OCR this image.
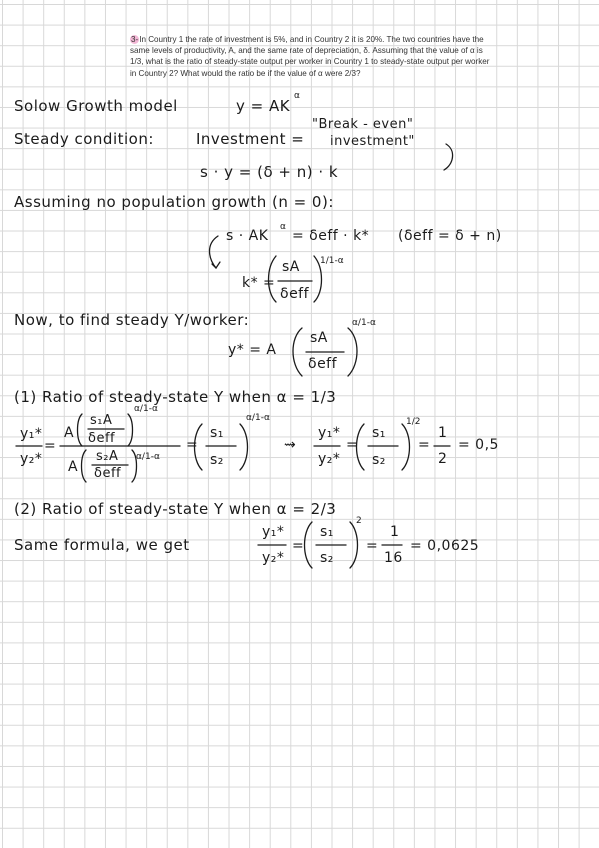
3-In Country 1 the rate of investment is 5%, and in Country 2 it is 20%. The two countries have the same levels of productivity, A, and the same rate of depreciation, δ. Assuming that the value of α is 1/3, what is the ratio of steady-state output per worker in Country 1 to steady-state output per worker in Country 2? What would the ratio be if the value of α were 2/3?

Solow Growth model	y = AK
α
Steady condition:	Investment =
"Break - even"
investment"
s · y = (δ + n) · k
Assuming no population growth (n = 0):
s · AK
α
= δeff · k* (δeff = δ + n)
k* =
sA
δeff
1/1-α
Now, to find steady Y/worker:
y* = A
sA
δeff
α/1-α
(1) Ratio of steady-state Y when α = 1/3
y₁*
y₂*
=
A
s₁A
δeff
α/1-α
A
s₂A
δeff
α/1-α
=
s₁
s₂
α/1-α
⇝
y₁*
y₂*
=
s₁
s₂
1/2
=
1
2
= 0,5
(2) Ratio of steady-state Y when α = 2/3
Same formula, we get
y₁*
y₂*
=
s₁
s₂
2
=
1
16
= 0,0625
